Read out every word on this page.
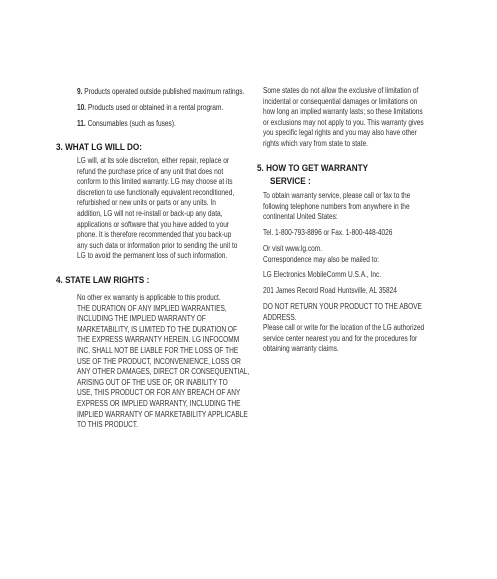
9. Products operated outside published maximum ratings.
10. Products used or obtained in a rental program.
11. Consumables (such as fuses).
3. WHAT LG WILL DO:
LG will, at its sole discretion, either repair, replace or
refund the purchase price of any unit that does not
conform to this limited warranty. LG may choose at its
discretion to use functionally equivalent reconditioned,
refurbished or new units or parts or any units. In
addition, LG will not re-install or back-up any data,
applications or software that you have added to your
phone. It is therefore recommended that you back-up
any such data or information prior to sending the unit to
LG to avoid the permanent loss of such information.
4. STATE LAW RIGHTS :
No other ex warranty is applicable to this product.
THE DURATION OF ANY IMPLIED WARRANTIES,
INCLUDING THE IMPLIED WARRANTY OF
MARKETABILITY, IS LIMITED TO THE DURATION OF
THE EXPRESS WARRANTY HEREIN. LG INFOCOMM
INC. SHALL NOT BE LIABLE FOR THE LOSS OF THE
USE OF THE PRODUCT, INCONVENIENCE, LOSS OR
ANY OTHER DAMAGES, DIRECT OR CONSEQUENTIAL,
ARISING OUT OF THE USE OF, OR INABILITY TO
USE, THIS PRODUCT OR FOR ANY BREACH OF ANY
EXPRESS OR IMPLIED WARRANTY, INCLUDING THE
IMPLIED WARRANTY OF MARKETABILITY APPLICABLE
TO THIS PRODUCT.
Some states do not allow the exclusive of limitation of
incidental or consequential damages or limitations on
how long an implied warranty lasts; so these limitations
or exclusions may not apply to you. This warranty gives
you specific legal rights and you may also have other
rights which vary from state to state.
5. HOW TO GET WARRANTY
SERVICE :
To obtain warranty service, please call or fax to the
following telephone numbers from anywhere in the
continental United States:
Tel. 1-800-793-8896 or Fax. 1-800-448-4026
Or visit www.lg.com.
Correspondence may also be mailed to:
LG Electronics MobileComm U.S.A., Inc.
201 James Record Road Huntsville, AL 35824
DO NOT RETURN YOUR PRODUCT TO THE ABOVE
ADDRESS.
Please call or write for the location of the LG authorized
service center nearest you and for the procedures for
obtaining warranty claims.
